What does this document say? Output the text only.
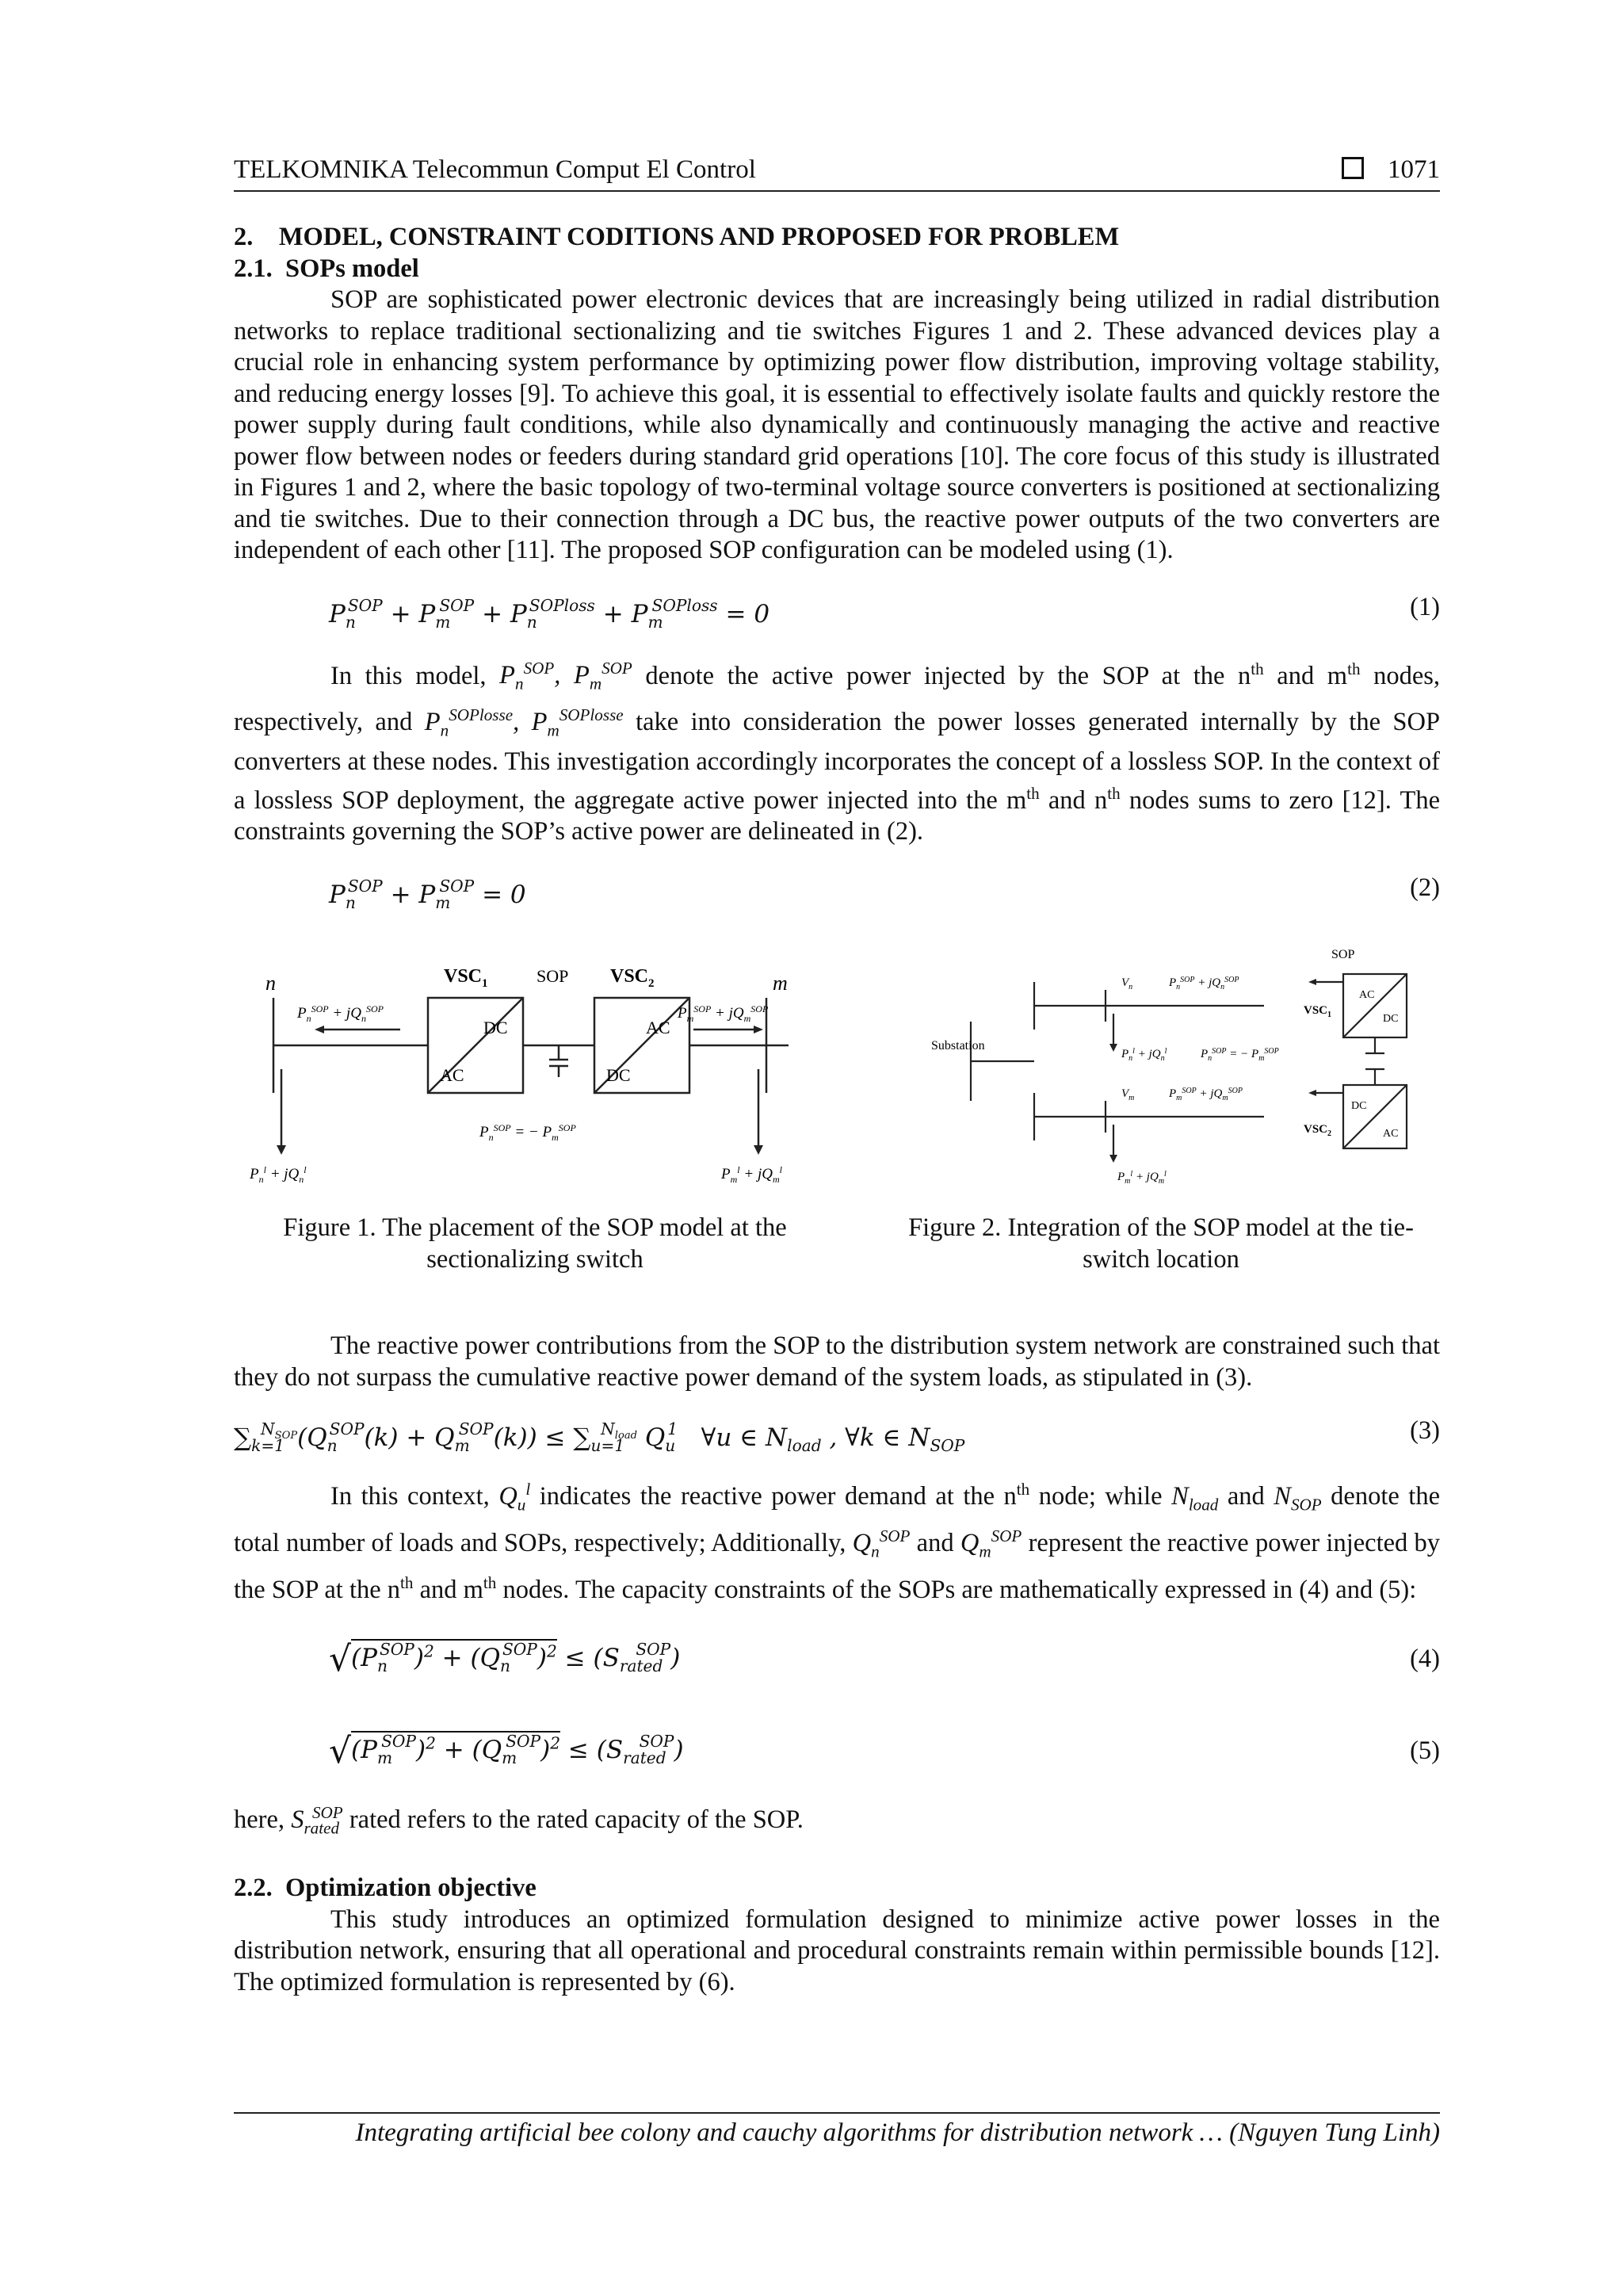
TELKOMNIKA Telecommun Comput El Control	1071
2. MODEL, CONSTRAINT CODITIONS AND PROPOSED FOR PROBLEM
2.1. SOPs model

SOP are sophisticated power electronic devices that are increasingly being utilized in radial distribution networks to replace traditional sectionalizing and tie switches Figures 1 and 2. These advanced devices play a crucial role in enhancing system performance by optimizing power flow distribution, improving voltage stability, and reducing energy losses [9]. To achieve this goal, it is essential to effectively isolate faults and quickly restore the power supply during fault conditions, while also dynamically and continuously managing the active and reactive power flow between nodes or feeders during standard grid operations [10]. The core focus of this study is illustrated in Figures 1 and 2, where the basic topology of two-terminal voltage source converters is positioned at sectionalizing and tie switches. Due to their connection through a DC bus, the reactive power outputs of the two converters are independent of each other [11]. The proposed SOP configuration can be modeled using (1).

$P_n^{SOP} + P_m^{SOP} + P_n^{SOPloss} + P_m^{SOPloss} = 0$	(1)

In this model, $P_n^{SOP}$, $P_m^{SOP}$ denote the active power injected by the SOP at the $n^{th}$ and $m^{th}$ nodes, respectively, and $P_n^{SOPlosse}$, $P_m^{SOPlosse}$ take into consideration the power losses generated internally by the SOP converters at these nodes. This investigation accordingly incorporates the concept of a lossless SOP. In the context of a lossless SOP deployment, the aggregate active power injected into the $m^{th}$ and $n^{th}$ nodes sums to zero [12]. The constraints governing the SOP’s active power are delineated in (2).

$P_n^{SOP} + P_m^{SOP} = 0$	(2)
n	m
$VSC_1$	SOP $VSC_2$
DC
AC
AC
DC
$P_n^{SOP} + jQ_n^{SOP}$	$P_m^{SOP} + jQ_m^{SOP}$
$P_n^{SOP}$ = − $P_m^{SOP}$
$P_n^l + jQ_n^l$	$P_m^l + jQ_m^l$
SOP
Substation
AC
DC
DC
AC
$VSC_1$
$VSC_2$
$V_n$
$V_m$
$P_n^{SOP} + jQ_n^{SOP}$
$P_m^{SOP} + jQ_m^{SOP}$
$P_n^l + jQ_n^l$	$P_n^{SOP}$ = − $P_m^{SOP}$
$P_m^l + jQ_m^l$
Figure 1. The placement of the SOP model at the sectionalizing switch
Figure 2. Integration of the SOP model at the tie-switch location

The reactive power contributions from the SOP to the distribution system network are constrained such that they do not surpass the cumulative reactive power demand of the system loads, as stipulated in (3).

$\sum_{k=1}^{N_{SOP}}(Q_n^{SOP}(k) + Q_m^{SOP}(k)) \le \sum_{u=1}^{N_{load}}$ $Q_u^1$   ∀u ∈ $N_{load}$ , ∀k ∈ $N_{SOP}$
(3)

In this context, $Q_u^l$ indicates the reactive power demand at the $n^{th}$ node; while $N_{load}$ and $N_{SOP}$ denote the total number of loads and SOPs, respectively; Additionally, $Q_n^{SOP}$ and $Q_m^{SOP}$ represent the reactive power injected by the SOP at the $n^{th}$ and $m^{th}$ nodes. The capacity constraints of the SOPs are mathematically expressed in (4) and (5):

$√(P_n^{SOP})^2 + (Q_n^{SOP})^2 \le (S_{rated}^{SOP})$	(4)
$√(P_m^{SOP})^2 + (Q_m^{SOP})^2 \le (S_{rated}^{SOP})$	(5)

here, $S_{rated}^{SOP}$ rated refers to the rated capacity of the SOP.

2.2. Optimization objective

This study introduces an optimized formulation designed to minimize active power losses in the distribution network, ensuring that all operational and procedural constraints remain within permissible bounds [12]. The optimized formulation is represented by (6).

Integrating artificial bee colony and cauchy algorithms for distribution network … (Nguyen Tung Linh)
